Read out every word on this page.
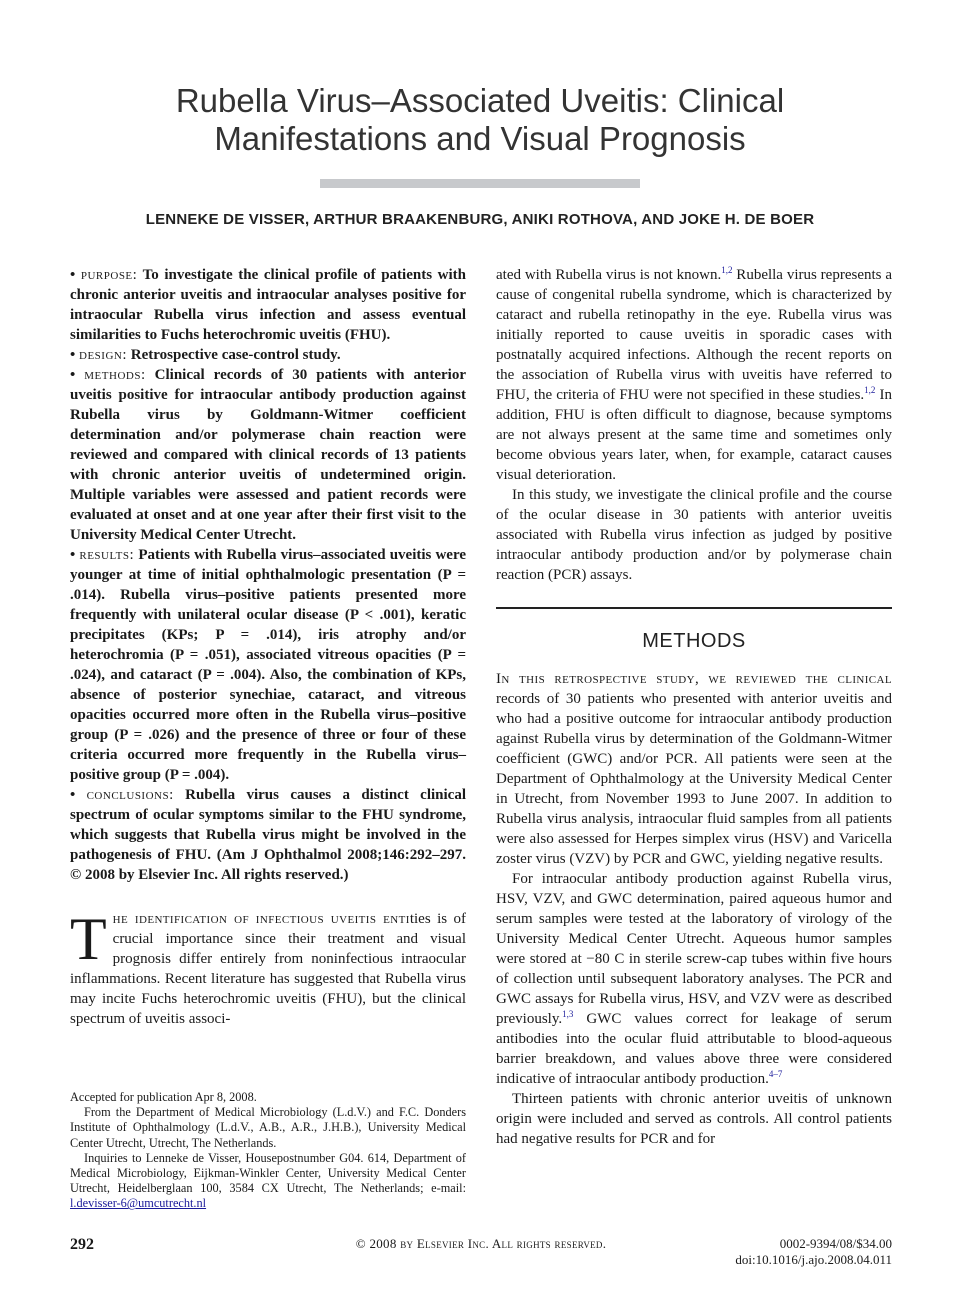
Rubella Virus–Associated Uveitis: Clinical
Manifestations and Visual Prognosis
LENNEKE DE VISSER, ARTHUR BRAAKENBURG, ANIKI ROTHOVA, AND JOKE H. DE BOER

• purpose: To investigate the clinical profile of patients with chronic anterior uveitis and intraocular analyses positive for intraocular Rubella virus infection and assess eventual similarities to Fuchs heterochromic uveitis (FHU).

• design: Retrospective case-control study.

• methods: Clinical records of 30 patients with anterior uveitis positive for intraocular antibody production against Rubella virus by Goldmann-Witmer coefficient determination and/or polymerase chain reaction were reviewed and compared with clinical records of 13 patients with chronic anterior uveitis of undetermined origin. Multiple variables were assessed and patient records were evaluated at onset and at one year after their first visit to the University Medical Center Utrecht.

• results: Patients with Rubella virus–associated uveitis were younger at time of initial ophthalmologic presentation (P = .014). Rubella virus–positive patients presented more frequently with unilateral ocular disease (P < .001), keratic precipitates (KPs; P = .014), iris atrophy and/or heterochromia (P = .051), associated vitreous opacities (P = .024), and cataract (P = .004). Also, the combination of KPs, absence of posterior synechiae, cataract, and vitreous opacities occurred more often in the Rubella virus–positive group (P = .026) and the presence of three or four of these criteria occurred more frequently in the Rubella virus–positive group (P = .004).

• conclusions: Rubella virus causes a distinct clinical spectrum of ocular symptoms similar to the FHU syndrome, which suggests that Rubella virus might be involved in the pathogenesis of FHU. (Am J Ophthalmol 2008;146:292–297. © 2008 by Elsevier Inc. All rights reserved.)

The identification of infectious uveitis entities is of crucial importance since their treatment and visual prognosis differ entirely from noninfectious intraocular inflammations. Recent literature has suggested that Rubella virus may incite Fuchs heterochromic uveitis (FHU), but the clinical spectrum of uveitis associ-

Accepted for publication Apr 8, 2008.

From the Department of Medical Microbiology (L.d.V.) and F.C. Donders Institute of Ophthalmology (L.d.V., A.B., A.R., J.H.B.), University Medical Center Utrecht, Utrecht, The Netherlands.

Inquiries to Lenneke de Visser, Housepostnumber G04. 614, Department of Medical Microbiology, Eijkman-Winkler Center, University Medical Center Utrecht, Heidelberglaan 100, 3584 CX Utrecht, The Netherlands; e-mail: l.devisser-6@umcutrecht.nl

ated with Rubella virus is not known.$^{1,2}$ Rubella virus represents a cause of congenital rubella syndrome, which is characterized by cataract and rubella retinopathy in the eye. Rubella virus was initially reported to cause uveitis in sporadic cases with postnatally acquired infections. Although the recent reports on the association of Rubella virus with uveitis have referred to FHU, the criteria of FHU were not specified in these studies.$^{1,2}$ In addition, FHU is often difficult to diagnose, because symptoms are not always present at the same time and sometimes only become obvious years later, when, for example, cataract causes visual deterioration.

In this study, we investigate the clinical profile and the course of the ocular disease in 30 patients with anterior uveitis associated with Rubella virus infection as judged by positive intraocular antibody production and/or by polymerase chain reaction (PCR) assays.

METHODS

In this retrospective study, we reviewed the clinical records of 30 patients who presented with anterior uveitis and who had a positive outcome for intraocular antibody production against Rubella virus by determination of the Goldmann-Witmer coefficient (GWC) and/or PCR. All patients were seen at the Department of Ophthalmology at the University Medical Center in Utrecht, from November 1993 to June 2007. In addition to Rubella virus analysis, intraocular fluid samples from all patients were also assessed for Herpes simplex virus (HSV) and Varicella zoster virus (VZV) by PCR and GWC, yielding negative results.

For intraocular antibody production against Rubella virus, HSV, VZV, and GWC determination, paired aqueous humor and serum samples were tested at the laboratory of virology of the University Medical Center Utrecht. Aqueous humor samples were stored at −80 C in sterile screw-cap tubes within five hours of collection until subsequent laboratory analyses. The PCR and GWC assays for Rubella virus, HSV, and VZV were as described previously.$^{1,3}$ GWC values correct for leakage of serum antibodies into the ocular fluid attributable to blood-aqueous barrier breakdown, and values above three were considered indicative of intraocular antibody production.$^{4-7}$

Thirteen patients with chronic anterior uveitis of unknown origin were included and served as controls. All control patients had negative results for PCR and for

292	© 2008 by Elsevier Inc. All rights reserved.	0002-9394/08/$34.00
doi:10.1016/j.ajo.2008.04.011
